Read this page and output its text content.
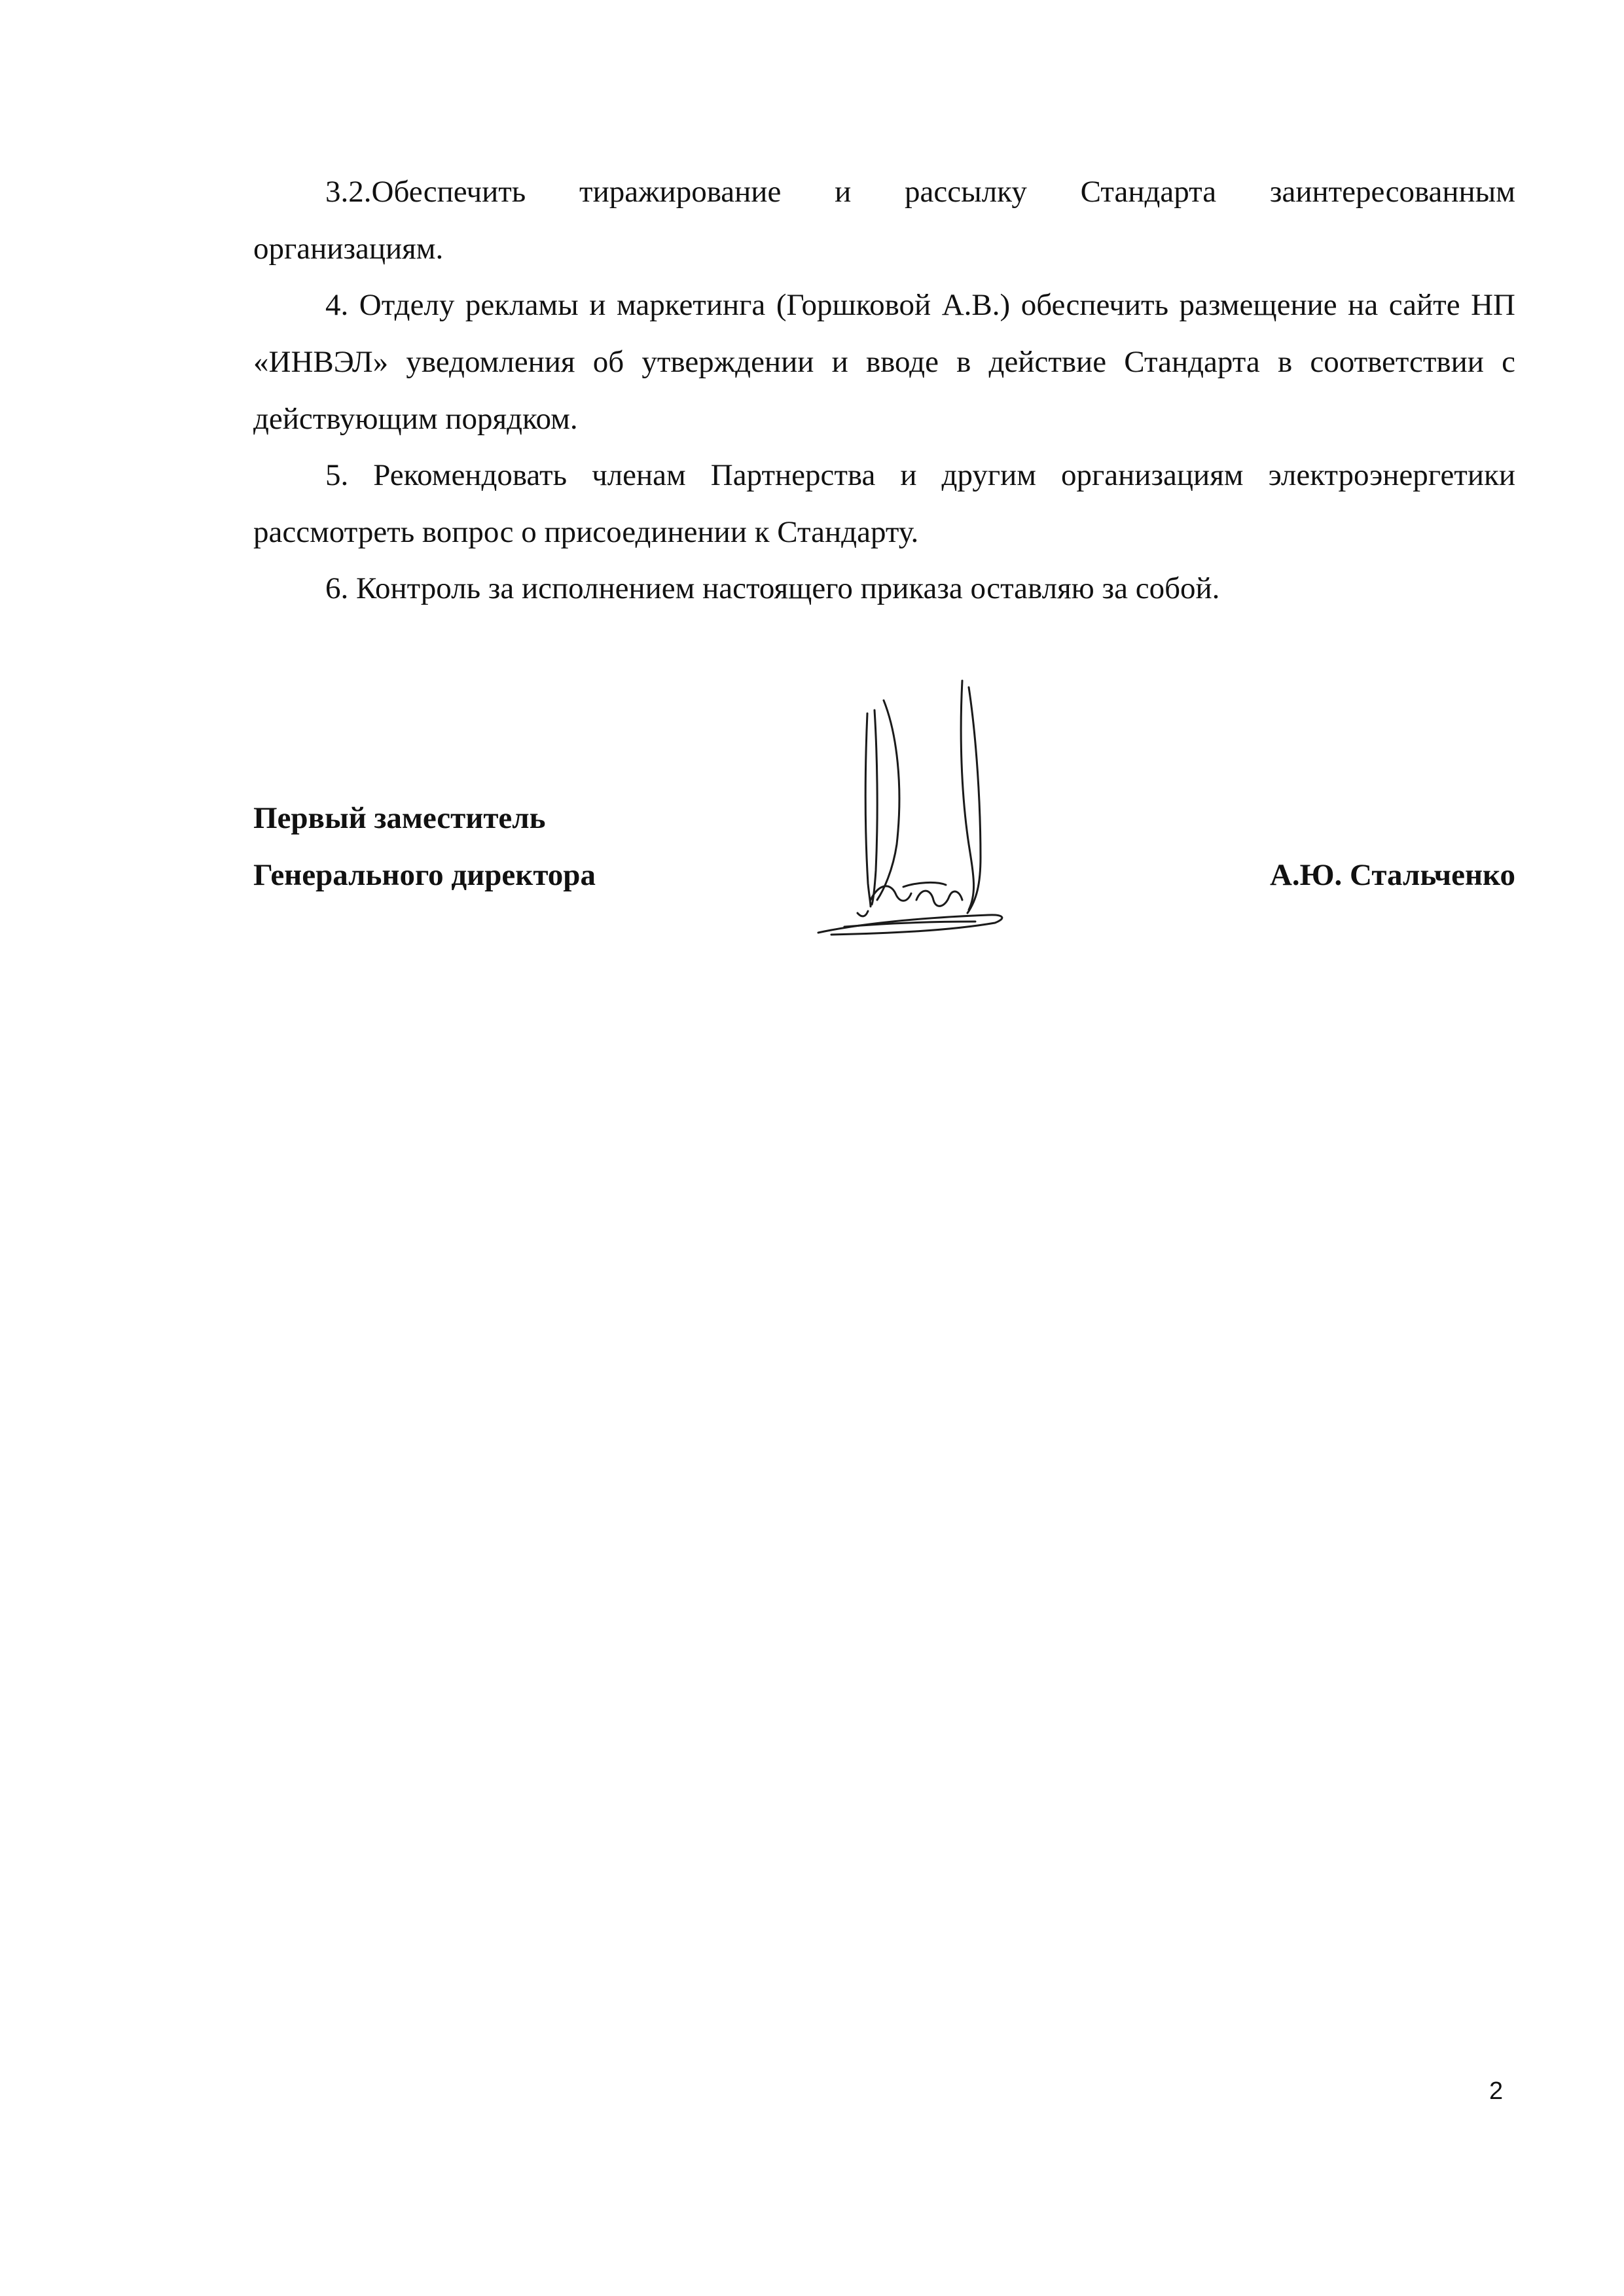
3.2.Обеспечить тиражирование и рассылку Стандарта заинтересованным
организациям.

4. Отделу рекламы и маркетинга (Горшковой А.В.) обеспечить размещение на сайте НП «ИНВЭЛ» уведомления об утверждении и вводе в действие Стандарта в соответствии с действующим порядком.

5. Рекомендовать членам Партнерства и другим организациям электроэнергетики рассмотреть вопрос о присоединении к Стандарту.

6. Контроль за исполнением настоящего приказа оставляю за собой.

Первый заместитель
Генерального директора	А.Ю. Стальченко
2
